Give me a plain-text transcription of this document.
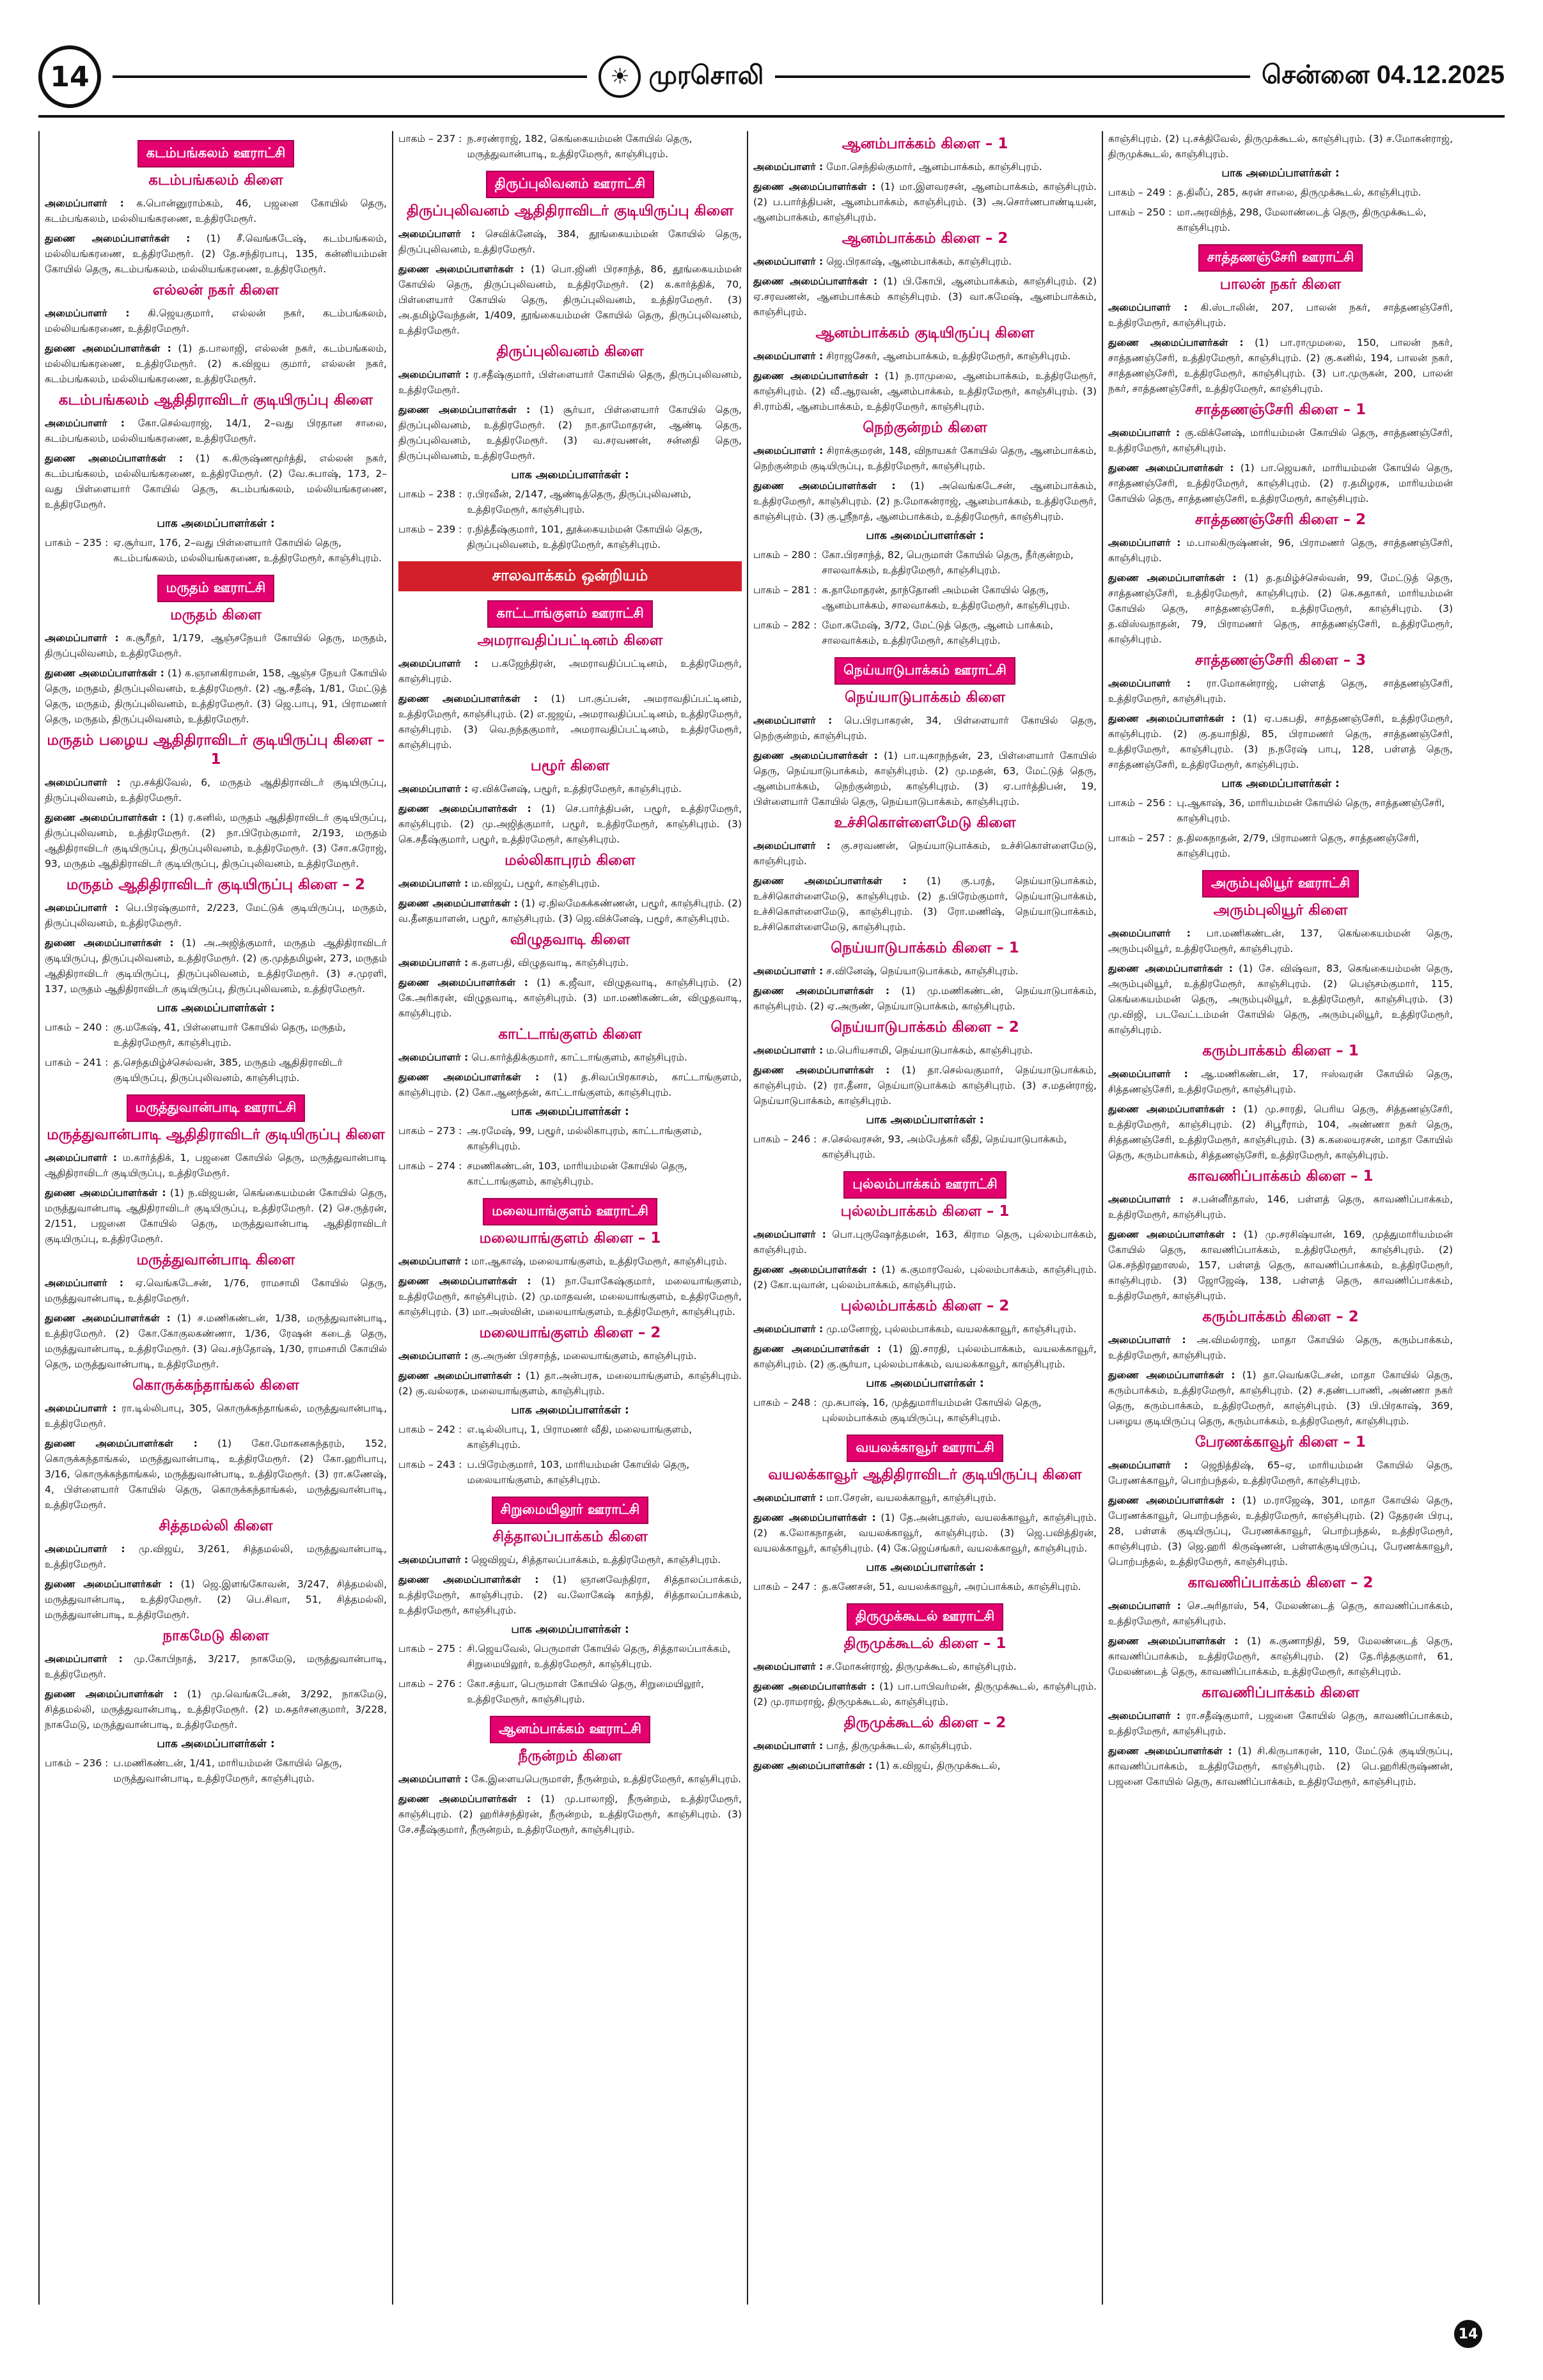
14	☀ முரசொலி	சென்னை 04.12.2025
கடம்பங்கலம் ஊராட்சி
கடம்பங்கலம் கிளை
அமைப்பாளர் : க.பொன்னுராம்கம், 46, பஜனை கோயில் தெரு, கடம்பங்கலம், மல்லியங்கரணை, உத்திரமேரூர்.
துணை அமைப்பாளர்கள் : (1) சீ.வெங்கடேஷ், கடம்பங்கலம், மல்லியங்கரணை, உத்திரமேரூர். (2) தே.சந்திரபாபு, 135, கன்னியம்மன் கோயில் தெரு, கடம்பங்கலம், மல்லியங்கரணை, உத்திரமேரூர்.
எல்லன் நகர் கிளை
அமைப்பாளர் : கி.ஜெயகுமார், எல்லன் நகர், கடம்பங்கலம், மல்லியங்கரணை, உத்திரமேரூர்.
துணை அமைப்பாளர்கள் : (1) த.பாலாஜி, எல்லன் நகர், கடம்பங்கலம், மல்லியங்கரணை, உத்திரமேரூர். (2) க.விஜய குமார், எல்லன் நகர், கடம்பங்கலம், மல்லியங்கரணை, உத்திரமேரூர்.
கடம்பங்கலம் ஆதிதிராவிடர் குடியிருப்பு கிளை
அமைப்பாளர் : கோ.செல்வராஜ், 14/1, 2–வது பிரதான சாலை, கடம்பங்கலம், மல்லியங்கரணை, உத்திரமேரூர்.
துணை அமைப்பாளர்கள் : (1) க.கிருஷ்ணமூர்த்தி, எல்லன் நகர், கடம்பங்கலம், மல்லியங்கரணை, உத்திரமேரூர். (2) வே.சுபாஷ், 173, 2–வது பிள்ளையார் கோயில் தெரு, கடம்பங்கலம், மல்லியங்கரணை, உத்திரமேரூர்.
பாக அமைப்பாளர்கள் :
பாகம் – 235 : ஏ.சூர்யா, 176, 2–வது பிள்ளையார் கோயில் தெரு, கடம்பங்கலம், மல்லியங்கரணை, உத்திரமேரூர், காஞ்சிபுரம்.
மருதம் ஊராட்சி
மருதம் கிளை
அமைப்பாளர் : க.சூரீதர், 1/179, ஆஞ்சநேயர் கோயில் தெரு, மருதம், திருப்புலிவனம், உத்திரமேரூர்.
துணை அமைப்பாளர்கள் : (1) க.ஞானகிராமன், 158, ஆஞ்ச நேயர் கோயில் தெரு, மருதம், திருப்புலிவனம், உத்திரமேரூர். (2) ஆ.சதீஷ், 1/81, மேட்டுத் தெரு, மருதம், திருப்புலிவனம், உத்திரமேரூர். (3) ஜெ.பாபு, 91, பிராமணர் தெரு, மருதம், திருப்புலிவனம், உத்திரமேரூர்.
மருதம் பழைய ஆதிதிராவிடர் குடியிருப்பு கிளை – 1
அமைப்பாளர் : மு.சக்திவேல், 6, மருதம் ஆதிதிராவிடர் குடியிருப்பு, திருப்புலிவனம், உத்திரமேரூர்.
துணை அமைப்பாளர்கள் : (1) ர.கனில், மருதம் ஆதிதிராவிடர் குடியிருப்பு, திருப்புலிவனம், உத்திரமேரூர். (2) நா.பிரேம்குமார், 2/193, மருதம் ஆதிதிராவிடர் குடியிருப்பு, திருப்புலிவனம், உத்திரமேரூர். (3) சோ.கரோஜ், 93, மருதம் ஆதிதிராவிடர் குடியிருப்பு, திருப்புலிவனம், உத்திரமேரூர்.
மருதம் ஆதிதிராவிடர் குடியிருப்பு கிளை – 2
அமைப்பாளர் : பெ.பிரஷ்குமார், 2/223, மேட்டுக் குடியிருப்பு, மருதம், திருப்புலிவனம், உத்திரமேரூர்.
துணை அமைப்பாளர்கள் : (1) அ.அஜித்குமார், மருதம் ஆதிதிராவிடர் குடியிருப்பு, திருப்புலிவனம், உத்திரமேரூர். (2) கு.முத்தமிழன், 273, மருதம் ஆதிதிராவிடர் குடியிருப்பு, திருப்புலிவனம், உத்திரமேரூர். (3) ச.முரளி, 137, மருதம் ஆதிதிராவிடர் குடியிருப்பு, திருப்புலிவனம், உத்திரமேரூர்.
பாக அமைப்பாளர்கள் :
பாகம் – 240 : கு.மகேஷ், 41, பிள்ளையார் கோயில் தெரு, மருதம், உத்திரமேரூர், காஞ்சிபுரம்.
பாகம் – 241 : த.செந்தமிழ்ச்செல்வன், 385, மருதம் ஆதிதிராவிடர் குடியிருப்பு, திருப்புலிவனம், காஞ்சிபுரம்.
மருத்துவான்பாடி ஊராட்சி
மருத்துவான்பாடி ஆதிதிராவிடர் குடியிருப்பு கிளை
அமைப்பாளர் : ம.கார்த்திக், 1, பஜனை கோயில் தெரு, மருத்துவான்பாடி ஆதிதிராவிடர் குடியிருப்பு, உத்திரமேரூர்.
துணை அமைப்பாளர்கள் : (1) ந.விஜயன், கெங்கையம்மன் கோயில் தெரு, மருத்துவான்பாடி ஆதிதிராவிடர் குடியிருப்பு, உத்திரமேரூர். (2) செ.ருத்ரன், 2/151, பஜனை கோயில் தெரு, மருத்துவான்பாடி ஆதிதிராவிடர் குடியிருப்பு, உத்திரமேரூர்.
மருத்துவான்பாடி கிளை
அமைப்பாளர் : ஏ.வெங்கடேசன், 1/76, ராமசாமி கோயில் தெரு, மருத்துவான்பாடி, உத்திரமேரூர்.
துணை அமைப்பாளர்கள் : (1) ச.மணிகண்டன், 1/38, மருத்துவான்பாடி, உத்திரமேரூர். (2) கோ.கோகுலகண்ணா, 1/36, ரேஷன் கடைத் தெரு, மருத்துவான்பாடி, உத்திரமேரூர். (3) வெ.சந்தோஷ், 1/30, ராமசாமி கோயில் தெரு, மருத்துவான்பாடி, உத்திரமேரூர்.
கொருக்கந்தாங்கல் கிளை
அமைப்பாளர் : ரா.டில்லிபாபு, 305, கொருக்கந்தாங்கல், மருத்துவான்பாடி, உத்திரமேரூர்.
துணை அமைப்பாளர்கள் : (1) கோ.மோகனசுந்தரம், 152, கொருக்கந்தாங்கல், மருத்துவான்பாடி, உத்திரமேரூர். (2) கோ.ஹரிபாபு, 3/16, கொருக்கந்தாங்கல், மருத்துவான்பாடி, உத்திரமேரூர். (3) ரா.கணேஷ், 4, பிள்ளையார் கோயில் தெரு, கொருக்கந்தாங்கல், மருத்துவான்பாடி, உத்திரமேரூர்.
சித்தமல்லி கிளை
அமைப்பாளர் : மு.விஜய், 3/261, சித்தமல்லி, மருத்துவான்பாடி, உத்திரமேரூர்.
துணை அமைப்பாளர்கள் : (1) ஜெ.இளங்கோவன், 3/247, சித்தமல்லி, மருத்துவான்பாடி, உத்திரமேரூர். (2) பெ.சிவா, 51, சித்தமல்லி, மருத்துவான்பாடி, உத்திரமேரூர்.
நாகமேடு கிளை
அமைப்பாளர் : மு.கோபிநாத், 3/217, நாகமேடு, மருத்துவான்பாடி, உத்திரமேரூர்.
துணை அமைப்பாளர்கள் : (1) மு.வெங்கடேசன், 3/292, நாகமேடு, சித்தமல்லி, மருத்துவான்பாடி, உத்திரமேரூர். (2) ம.சுதர்சனகுமார், 3/228, நாகமேடு, மருத்துவான்பாடி, உத்திரமேரூர்.
பாக அமைப்பாளர்கள் :
பாகம் – 236 : ப.மணிகண்டன், 1/41, மாரியம்மன் கோயில் தெரு, மருத்துவான்பாடி, உத்திரமேரூர், காஞ்சிபுரம்.
பாகம் – 237 : ந.சரண்ராஜ், 182, கெங்கையம்மன் கோயில் தெரு, மருத்துவான்பாடி, உத்திரமேரூர், காஞ்சிபுரம்.
திருப்புலிவனம் ஊராட்சி
திருப்புலிவனம் ஆதிதிராவிடர் குடியிருப்பு கிளை
அமைப்பாளர் : செவிக்னேஷ், 384, தூங்கையம்மன் கோயில் தெரு, திருப்புலிவனம், உத்திரமேரூர்.
துணை அமைப்பாளர்கள் : (1) பொ.ஜினி பிரசாந்த், 86, தூங்கையம்மன் கோயில் தெரு, திருப்புலிவனம், உத்திரமேரூர். (2) க.கார்த்திக், 70, பிள்ளையார் கோயில் தெரு, திருப்புலிவனம், உத்திரமேரூர். (3) அ.தமிழ்வேந்தன், 1/409, தூங்கையம்மன் கோயில் தெரு, திருப்புலிவனம், உத்திரமேரூர்.
திருப்புலிவனம் கிளை
அமைப்பாளர் : ர.சதீஷ்குமார், பிள்ளையார் கோயில் தெரு, திருப்புலிவனம், உத்திரமேரூர்.
துணை அமைப்பாளர்கள் : (1) சூர்யா, பிள்ளையார் கோயில் தெரு, திருப்புலிவனம், உத்திரமேரூர். (2) நா.தாமோதரன், ஆண்டி தெரு, திருப்புலிவனம், உத்திரமேரூர். (3) வ.சரவணன், சன்னதி தெரு, திருப்புலிவனம், உத்திரமேரூர்.
பாக அமைப்பாளர்கள் :
பாகம் – 238 : ர.பிரவீன், 2/147, ஆண்டித்தெரு, திருப்புலிவனம், உத்திரமேரூர், காஞ்சிபுரம்.
பாகம் – 239 : ர.நித்தீஷ்குமார், 101, தூக்கையம்மன் கோயில் தெரு, திருப்புலிவனம், உத்திரமேரூர், காஞ்சிபுரம்.
சாலவாக்கம் ஒன்றியம்
காட்டாங்குளம் ஊராட்சி
அமராவதிப்பட்டினம் கிளை
அமைப்பாளர் : ப.கஜேந்திரன், அமராவதிப்பட்டினம், உத்திரமேரூர், காஞ்சிபுரம்.
துணை அமைப்பாளர்கள் : (1) பா.குப்பன், அமராவதிப்பட்டினம், உத்திரமேரூர், காஞ்சிபுரம். (2) எ.ஜஜய், அமராவதிப்பட்டினம், உத்திரமேரூர், காஞ்சிபுரம். (3) வெ.நந்தகுமார், அமராவதிப்பட்டினம், உத்திரமேரூர், காஞ்சிபுரம்.
பழூர் கிளை
அமைப்பாளர் : ஏ.விக்னேஷ், பழூர், உத்திரமேரூர், காஞ்சிபுரம்.
துணை அமைப்பாளர்கள் : (1) செ.பார்த்திபன், பழூர், உத்திரமேரூர், காஞ்சிபுரம். (2) மு.அஜித்குமார், பழூர், உத்திரமேரூர், காஞ்சிபுரம். (3) கெ.சதீஷ்குமார், பழூர், உத்திரமேரூர், காஞ்சிபுரம்.
மல்லிகாபுரம் கிளை
அமைப்பாளர் : ம.விஜய், பழூர், காஞ்சிபுரம்.
துணை அமைப்பாளர்கள் : (1) ஏ.நிலமேகக்கண்ணன், பழூர், காஞ்சிபுரம். (2) வ.தீனதயாளன், பழூர், காஞ்சிபுரம். (3) ஜெ.விக்னேஷ், பழூர், காஞ்சிபுரம்.
விழுதவாடி கிளை
அமைப்பாளர் : க.தளபதி, விழுதவாடி, காஞ்சிபுரம்.
துணை அமைப்பாளர்கள் : (1) க.ஜீவா, விழுதவாடி, காஞ்சிபுரம். (2) கே.அரிகரன், விழுதவாடி, காஞ்சிபுரம். (3) மா.மணிகண்டன், விழுதவாடி, காஞ்சிபுரம்.
காட்டாங்குளம் கிளை
அமைப்பாளர் : பெ.கார்த்திக்குமார், காட்டாங்குளம், காஞ்சிபுரம்.
துணை அமைப்பாளர்கள் : (1) த.சிவப்பிரகாசம், காட்டாங்குளம், காஞ்சிபுரம். (2) கோ.ஆனந்தன், காட்டாங்குளம், காஞ்சிபுரம்.
பாக அமைப்பாளர்கள் :
பாகம் – 273 : அ.ரமேஷ், 99, பழூர், மல்லிகாபுரம், காட்டாங்குளம், காஞ்சிபுரம்.
பாகம் – 274 : சமணிகண்டன், 103, மாரியம்மன் கோயில் தெரு, காட்டாங்குளம், காஞ்சிபுரம்.
மலையாங்குளம் ஊராட்சி
மலையாங்குளம் கிளை – 1
அமைப்பாளர் : மா.ஆகாஷ், மலையாங்குளம், உத்திரமேரூர், காஞ்சிபுரம்.
துணை அமைப்பாளர்கள் : (1) நா.யோகேஷ்குமார், மலையாங்குளம், உத்திரமேரூர், காஞ்சிபுரம். (2) மு.மாதவன், மலையாங்குளம், உத்திரமேரூர், காஞ்சிபுரம். (3) மா.அஸ்வின், மலையாங்குளம், உத்திரமேரூர், காஞ்சிபுரம்.
மலையாங்குளம் கிளை – 2
அமைப்பாளர் : கு.அருண் பிரசாந்த், மலையாங்குளம், காஞ்சிபுரம்.
துணை அமைப்பாளர்கள் : (1) தா.அன்பரசு, மலையாங்குளம், காஞ்சிபுரம். (2) கு.வல்லரசு, மலையாங்குளம், காஞ்சிபுரம்.
பாக அமைப்பாளர்கள் :
பாகம் – 242 : எ.டில்லிபாபு, 1, பிராமணர் வீதி, மலையாங்குளம், காஞ்சிபுரம்.
பாகம் – 243 : ப.பிரேம்குமார், 103, மாரியம்மன் கோயில் தெரு, மலையாங்குளம், காஞ்சிபுரம்.
சிறுமையிலூர் ஊராட்சி
சித்தாலப்பாக்கம் கிளை
அமைப்பாளர் : ஜெவிஜய், சித்தாலப்பாக்கம், உத்திரமேரூர், காஞ்சிபுரம்.
துணை அமைப்பாளர்கள் : (1) ஞானவேந்திரா, சித்தாலப்பாக்கம், உத்திரமேரூர், காஞ்சிபுரம். (2) வ.லோகேஷ் காந்தி, சித்தாலப்பாக்கம், உத்திரமேரூர், காஞ்சிபுரம்.
பாக அமைப்பாளர்கள் :
பாகம் – 275 : சி.ஜெயவேல், பெருமாள் கோயில் தெரு, சித்தாலப்பாக்கம், சிறுமையிலூர், உத்திரமேரூர், காஞ்சிபுரம்.
பாகம் – 276 : கோ.சத்யா, பெருமாள் கோயில் தெரு, சிறுமையிலூர், உத்திரமேரூர், காஞ்சிபுரம்.
ஆனம்பாக்கம் ஊராட்சி
நீருன்றம் கிளை
அமைப்பாளர் : கே.இளையபெருமாள், நீருன்றம், உத்திரமேரூர், காஞ்சிபுரம்.
துணை அமைப்பாளர்கள் : (1) மு.பாலாஜி, நீருன்றம், உத்திரமேரூர், காஞ்சிபுரம். (2) ஹரிச்சந்திரன், நீருன்றம், உத்திரமேரூர், காஞ்சிபுரம். (3) சே.சதீஷ்குமார், நீருன்றம், உத்திரமேரூர், காஞ்சிபுரம்.
ஆனம்பாக்கம் கிளை – 1
அமைப்பாளர் : மோ.செந்தில்குமார், ஆனம்பாக்கம், காஞ்சிபுரம்.
துணை அமைப்பாளர்கள் : (1) மா.இளவரசன், ஆனம்பாக்கம், காஞ்சிபுரம். (2) ப.பார்த்திபன், ஆனம்பாக்கம், காஞ்சிபுரம். (3) அ.சொர்ணபாண்டியன், ஆனம்பாக்கம், காஞ்சிபுரம்.
ஆனம்பாக்கம் கிளை – 2
அமைப்பாளர் : ஜெ.பிரகாஷ், ஆனம்பாக்கம், காஞ்சிபுரம்.
துணை அமைப்பாளர்கள் : (1) பி.கோபி, ஆனம்பாக்கம், காஞ்சிபுரம். (2) ஏ.சரவணன், ஆனம்பாக்கம் காஞ்சிபுரம். (3) வா.கமேஷ், ஆனம்பாக்கம், காஞ்சிபுரம்.
ஆனம்பாக்கம் குடியிருப்பு கிளை
அமைப்பாளர் : சிராஜசேகர், ஆனம்பாக்கம், உத்திரமேரூர், காஞ்சிபுரம்.
துணை அமைப்பாளர்கள் : (1) ந.ராமுலை, ஆனம்பாக்கம், உத்திரமேரூர், காஞ்சிபுரம். (2) வீ.ஆரவன், ஆனம்பாக்கம், உத்திரமேரூர், காஞ்சிபுரம். (3) சி.ராம்கி, ஆனம்பாக்கம், உத்திரமேரூர், காஞ்சிபுரம்.
நெற்குன்றம் கிளை
அமைப்பாளர் : சிராக்குமரன், 148, விநாயகர் கோயில் தெரு, ஆனம்பாக்கம், நெற்குன்றம் குடியிருப்பு, உத்திரமேரூர், காஞ்சிபுரம்.
துணை அமைப்பாளர்கள் : (1) அவெங்கடேசன், ஆனம்பாக்கம், உத்திரமேரூர், காஞ்சிபுரம். (2) ந.மோகன்ராஜ், ஆனம்பாக்கம், உத்திரமேரூர், காஞ்சிபுரம். (3) கு.ஸ்ரீநாத், ஆனம்பாக்கம், உத்திரமேரூர், காஞ்சிபுரம்.
பாக அமைப்பாளர்கள் :
பாகம் – 280 : கோ.பிரசாந்த், 82, பெருமாள் கோயில் தெரு, நீர்குன்றம், சாலவாக்கம், உத்திரமேரூர், காஞ்சிபுரம்.
பாகம் – 281 : க.தாமோதரன், தாந்தோனி அம்மன் கோயில் தெரு, ஆனம்பாக்கம், சாலவாக்கம், உத்திரமேரூர், காஞ்சிபுரம்.
பாகம் – 282 : மோ.கமேஷ், 3/72, மேட்டுத் தெரு, ஆனம் பாக்கம், சாலவாக்கம், உத்திரமேரூர், காஞ்சிபுரம்.
நெய்யாடுபாக்கம் ஊராட்சி
நெய்யாடுபாக்கம் கிளை
அமைப்பாளர் : பெ.பிரபாகரன், 34, பிள்ளையார் கோயில் தெரு, நெற்குன்றம், காஞ்சிபுரம்.
துணை அமைப்பாளர்கள் : (1) பா.யுகாநந்தன், 23, பிள்ளையார் கோயில் தெரு, நெய்யாடுபாக்கம், காஞ்சிபுரம். (2) மு.மதன், 63, மேட்டுத் தெரு, ஆனம்பாக்கம், நெற்குன்றம், காஞ்சிபுரம். (3) ஏ.பார்த்திபன், 19, பிள்ளையார் கோயில் தெரு, நெய்யாடுபாக்கம், காஞ்சிபுரம்.
உச்சிகொள்ளைமேடு கிளை
அமைப்பாளர் : கு.சரவணன், நெய்யாடுபாக்கம், உச்சிகொள்ளைமேடு, காஞ்சிபுரம்.
துணை அமைப்பாளர்கள் : (1) கு.பரத், நெய்யாடுபாக்கம், உச்சிகொள்ளைமேடு, காஞ்சிபுரம். (2) த.பிரேம்குமார், நெய்யாடுபாக்கம், உச்சிகொள்ளைமேடு, காஞ்சிபுரம். (3) ரோ.மணிஷ், நெய்யாடுபாக்கம், உச்சிகொள்ளைமேடு, காஞ்சிபுரம்.
நெய்யாடுபாக்கம் கிளை – 1
அமைப்பாளர் : ச.வினேஷ், நெய்யாடுபாக்கம், காஞ்சிபுரம்.
துணை அமைப்பாளர்கள் : (1) மு.மணிகண்டன், நெய்யாடுபாக்கம், காஞ்சிபுரம். (2) ஏ.அருண், நெய்யாடுபாக்கம், காஞ்சிபுரம்.
நெய்யாடுபாக்கம் கிளை – 2
அமைப்பாளர் : ம.பெரியசாமி, நெய்யாடுபாக்கம், காஞ்சிபுரம்.
துணை அமைப்பாளர்கள் : (1) தா.செல்வகுமார், நெய்யாடுபாக்கம், காஞ்சிபுரம். (2) ரா.தீனா, நெய்யாடுபாக்கம் காஞ்சிபுரம். (3) ச.மதன்ராஜ், நெய்யாடுபாக்கம், காஞ்சிபுரம்.
பாக அமைப்பாளர்கள் :
பாகம் – 246 : ச.செல்வரசன், 93, அம்பேத்கர் வீதி, நெய்யாடுபாக்கம், காஞ்சிபுரம்.
புல்லம்பாக்கம் ஊராட்சி
புல்லம்பாக்கம் கிளை – 1
அமைப்பாளர் : பொ.புருஷோத்தமன், 163, கிராம தெரு, புல்லம்பாக்கம், காஞ்சிபுரம்.
துணை அமைப்பாளர்கள் : (1) க.குமாரவேல், புல்லம்பாக்கம், காஞ்சிபுரம். (2) கோ.யுவான், புல்லம்பாக்கம், காஞ்சிபுரம்.
புல்லம்பாக்கம் கிளை – 2
அமைப்பாளர் : மு.மனோஜ், புல்லம்பாக்கம், வயலக்காவூர், காஞ்சிபுரம்.
துணை அமைப்பாளர்கள் : (1) இ.சாரதி, புல்லம்பாக்கம், வயலக்காவூர், காஞ்சிபுரம். (2) கு.சூர்யா, புல்லம்பாக்கம், வயலக்காவூர், காஞ்சிபுரம்.
பாக அமைப்பாளர்கள் :
பாகம் – 248 : மு.சுபாஷ், 16, முத்துமாரியம்மன் கோயில் தெரு, புல்லம்பாக்கம் குடியிருப்பு, காஞ்சிபுரம்.
வயலக்காவூர் ஊராட்சி
வயலக்காவூர் ஆதிதிராவிடர் குடியிருப்பு கிளை
அமைப்பாளர் : மா.சேரன், வயலக்காவூர், காஞ்சிபுரம்.
துணை அமைப்பாளர்கள் : (1) தே.அன்புதாஸ், வயலக்காவூர், காஞ்சிபுரம். (2) க.லோகநாதன், வயலக்காவூர், காஞ்சிபுரம். (3) ஜெ.பவித்திரன், வயலக்காவூர், காஞ்சிபுரம். (4) கே.ஜெய்சங்கர், வயலக்காவூர், காஞ்சிபுரம்.
பாக அமைப்பாளர்கள் :
பாகம் – 247 : த.கணேசன், 51, வயலக்காவூர், அரப்பாக்கம், காஞ்சிபுரம்.
திருமுக்கூடல் ஊராட்சி
திருமுக்கூடல் கிளை – 1
அமைப்பாளர் : ச.மோகன்ராஜ், திருமுக்கூடல், காஞ்சிபுரம்.
துணை அமைப்பாளர்கள் : (1) பா.பாபிவர்மன், திருமுக்கூடல், காஞ்சிபுரம். (2) மு.ராமராஜ், திருமுக்கூடல், காஞ்சிபுரம்.
திருமுக்கூடல் கிளை – 2
அமைப்பாளர் : பாத், திருமுக்கூடல், காஞ்சிபுரம்.
துணை அமைப்பாளர்கள் : (1) க.விஜய், திருமுக்கூடல்,
காஞ்சிபுரம். (2) பு.சக்திவேல், திருமுக்கூடல், காஞ்சிபுரம். (3) ச.மோகன்ராஜ், திருமுக்கூடல், காஞ்சிபுரம்.
பாக அமைப்பாளர்கள் :
பாகம் – 249 : த.திலீப், 285, சுரன் சாலை, திருமுக்கூடல், காஞ்சிபுரம்.
பாகம் – 250 : மா.அரவிந்த், 298, மேலாண்டைத் தெரு, திருமுக்கூடல், காஞ்சிபுரம்.
சாத்தணஞ்சேரி ஊராட்சி
பாலன் நகர் கிளை
அமைப்பாளர் : கி.ஸ்டாலின், 207, பாலன் நகர், சாத்தணஞ்சேரி, உத்திரமேரூர், காஞ்சிபுரம்.
துணை அமைப்பாளர்கள் : (1) பா.ராமுமலை, 150, பாலன் நகர், சாத்தணஞ்சேரி, உத்திரமேரூர், காஞ்சிபுரம். (2) கு.கனில், 194, பாலன் நகர், சாத்தணஞ்சேரி, உத்திரமேரூர், காஞ்சிபுரம். (3) பா.முருகன், 200, பாலன் நகர், சாத்தணஞ்சேரி, உத்திரமேரூர், காஞ்சிபுரம்.
சாத்தணஞ்சேரி கிளை – 1
அமைப்பாளர் : கு.விக்னேஷ், மாரியம்மன் கோயில் தெரு, சாத்தணஞ்சேரி, உத்திரமேரூர், காஞ்சிபுரம்.
துணை அமைப்பாளர்கள் : (1) பா.ஜெயகர், மாரியம்மன் கோயில் தெரு, சாத்தணஞ்சேரி, உத்திரமேரூர், காஞ்சிபுரம். (2) ர.தமிழரசு, மாரியம்மன் கோயில் தெரு, சாத்தணஞ்சேரி, உத்திரமேரூர், காஞ்சிபுரம்.
சாத்தணஞ்சேரி கிளை – 2
அமைப்பாளர் : ம.பாலகிருஷ்ணன், 96, பிராமணர் தெரு, சாத்தணஞ்சேரி, காஞ்சிபுரம்.
துணை அமைப்பாளர்கள் : (1) த.தமிழ்ச்செல்வன், 99, மேட்டுத் தெரு, சாத்தணஞ்சேரி, உத்திரமேரூர், காஞ்சிபுரம். (2) கெ.சுதாகர், மாரியம்மன் கோயில் தெரு, சாத்தணஞ்சேரி, உத்திரமேரூர், காஞ்சிபுரம். (3) த.விஸ்வநாதன், 79, பிராமணர் தெரு, சாத்தணஞ்சேரி, உத்திரமேரூர், காஞ்சிபுரம்.
சாத்தணஞ்சேரி கிளை – 3
அமைப்பாளர் : ரா.மோகன்ராஜ், பள்ளத் தெரு, சாத்தணஞ்சேரி, உத்திரமேரூர், காஞ்சிபுரம்.
துணை அமைப்பாளர்கள் : (1) ஏ.பகபதி, சாத்தணஞ்சேரி, உத்திரமேரூர், காஞ்சிபுரம். (2) கு.தயாநிதி, 85, பிராமணர் தெரு, சாத்தணஞ்சேரி, உத்திரமேரூர், காஞ்சிபுரம். (3) ந.நரேஷ் பாபு, 128, பள்ளத் தெரு, சாத்தணஞ்சேரி, உத்திரமேரூர், காஞ்சிபுரம்.
பாக அமைப்பாளர்கள் :
பாகம் – 256 : பு.ஆகாஷ், 36, மாரியம்மன் கோயில் தெரு, சாத்தணஞ்சேரி, காஞ்சிபுரம்.
பாகம் – 257 : த.திலகநாதன், 2/79, பிராமணர் தெரு, சாத்தணஞ்சேரி, காஞ்சிபுரம்.
அரும்புலியூர் ஊராட்சி
அரும்புலியூர் கிளை
அமைப்பாளர் : பா.மணிகண்டன், 137, கெங்கையம்மன் தெரு, அரும்புலியூர், உத்திரமேரூர், காஞ்சிபுரம்.
துணை அமைப்பாளர்கள் : (1) சே. விஷ்வா, 83, கெங்கையம்மன் தெரு, அரும்புலியூர், உத்திரமேரூர், காஞ்சிபுரம். (2) பெஞ்சம்குமார், 115, கெங்கையம்மன் தெரு, அரும்புலியூர், உத்திரமேரூர், காஞ்சிபுரம். (3) மு.விஜி, படவேட்டம்மன் கோயில் தெரு, அரும்புலியூர், உத்திரமேரூர், காஞ்சிபுரம்.
கரும்பாக்கம் கிளை – 1
அமைப்பாளர் : ஆ.மணிகண்டன், 17, ஈஸ்வரன் கோயில் தெரு, சித்தணஞ்சேரி, உத்திரமேரூர், காஞ்சிபுரம்.
துணை அமைப்பாளர்கள் : (1) மு.சாரதி, பெரிய தெரு, சித்தணஞ்சேரி, உத்திரமேரூர், காஞ்சிபுரம். (2) சிபூரீராம், 104, அண்ணா நகர் தெரு, சித்தணஞ்சேரி, உத்திரமேரூர், காஞ்சிபுரம். (3) க.கலையரசன், மாதா கோயில் தெரு, கரும்பாக்கம், சித்தணஞ்சேரி, உத்திரமேரூர், காஞ்சிபுரம்.
காவணிப்பாக்கம் கிளை – 1
அமைப்பாளர் : ச.பன்னீர்தாஸ், 146, பள்ளத் தெரு, காவணிப்பாக்கம், உத்திரமேரூர், காஞ்சிபுரம்.
துணை அமைப்பாளர்கள் : (1) மு.சரசிஷ்யான், 169, முத்துமாரியம்மன் கோயில் தெரு, காவணிப்பாக்கம், உத்திரமேரூர், காஞ்சிபுரம். (2) கெ.சந்திரஹாஸல், 157, பள்ளத் தெரு, காவணிப்பாக்கம், உத்திரமேரூர், காஞ்சிபுரம். (3) ஜோஜேஷ், 138, பள்ளத் தெரு, காவணிப்பாக்கம், உத்திரமேரூர், காஞ்சிபுரம்.
கரும்பாக்கம் கிளை – 2
அமைப்பாளர் : அ.விமல்ராஜ், மாதா கோயில் தெரு, கரும்பாக்கம், உத்திரமேரூர், காஞ்சிபுரம்.
துணை அமைப்பாளர்கள் : (1) தா.வெங்கடேசன், மாதா கோயில் தெரு, கரும்பாக்கம், உத்திரமேரூர், காஞ்சிபுரம். (2) ச.தண்டபாணி, அண்ணா நகர் தெரு, கரும்பாக்கம், உத்திரமேரூர், காஞ்சிபுரம். (3) பி.பிரகாஷ், 369, பழைய குடியிருப்பு தெரு, கரும்பாக்கம், உத்திரமேரூர், காஞ்சிபுரம்.
பேரணக்காவூர் கிளை – 1
அமைப்பாளர் : ஜெநித்திஷ், 65–ஏ, மாரியம்மன் கோயில் தெரு, பேரணக்காவூர், பொற்பந்தல், உத்திரமேரூர், காஞ்சிபுரம்.
துணை அமைப்பாளர்கள் : (1) ம.ராஜேஷ், 301, மாதா கோயில் தெரு, பேரணக்காவூர், பொற்பந்தல், உத்திரமேரூர், காஞ்சிபுரம். (2) தேதரன் பிரபு, 28, பள்ளக் குடியிருப்பு, பேரணக்காவூர், பொற்பந்தல், உத்திரமேரூர், காஞ்சிபுரம். (3) ஜெ.ஹரி கிருஷ்ணன், பள்ளக்குடியிருப்பு, பேரணக்காவூர், பொற்பந்தல், உத்திரமேரூர், காஞ்சிபுரம்.
காவணிப்பாக்கம் கிளை – 2
அமைப்பாளர் : செ.அரிதாஸ், 54, மேலண்டைத் தெரு, காவணிப்பாக்கம், உத்திரமேரூர், காஞ்சிபுரம்.
துணை அமைப்பாளர்கள் : (1) க.குணாநிதி, 59, மேலண்டைத் தெரு, காவணிப்பாக்கம், உத்திரமேரூர், காஞ்சிபுரம். (2) தே.ரித்தகுமார், 61, மேலண்டைத் தெரு, காவணிப்பாக்கம், உத்திரமேரூர், காஞ்சிபுரம்.
காவணிப்பாக்கம் கிளை
அமைப்பாளர் : ரா.சதீஷ்குமார், பஜனை கோயில் தெரு, காவணிப்பாக்கம், உத்திரமேரூர், காஞ்சிபுரம்.
துணை அமைப்பாளர்கள் : (1) சி.கிருபாகரன், 110, மேட்டுக் குடியிருப்பு, காவணிப்பாக்கம், உத்திரமேரூர், காஞ்சிபுரம். (2) பெ.ஹரிகிருஷ்ணன், பஜனை கோயில் தெரு, காவணிப்பாக்கம், உத்திரமேரூர், காஞ்சிபுரம்.
14
